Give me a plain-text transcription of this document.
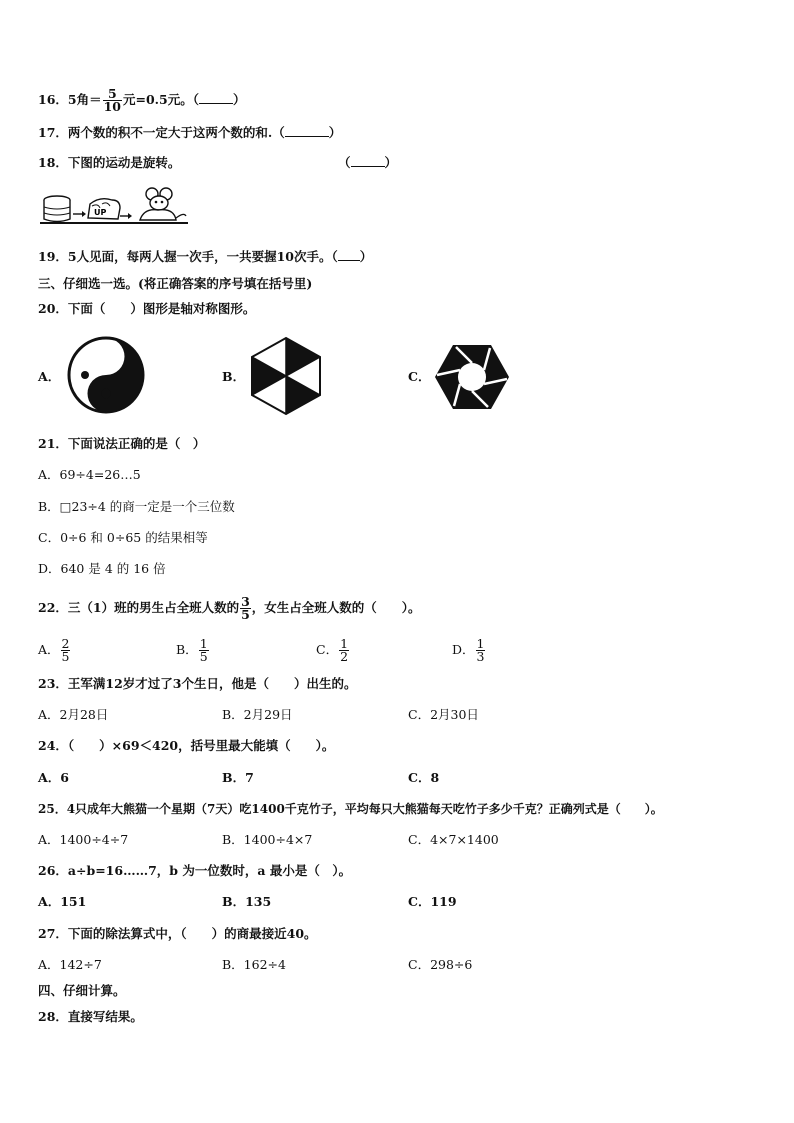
16．5角＝ $\frac{5}{10}$ 元=0.5元。（	）
17．两个数的积不一定大于这两个数的和.（	）
18．下图的运动是旋转。	（	）
UP
19．5人见面，每两人握一次手，一共要握10次手。（ ）
三、仔细选一选。(将正确答案的序号填在括号里)
20．下面（　　）图形是轴对称图形。
A．	B．	C．
21．下面说法正确的是（　）
A．69÷4=26…5
B．□23÷4 的商一定是一个三位数
C．0÷6 和 0÷65 的结果相等
D．640 是 4 的 16 倍
22．三（1）班的男生占全班人数的 $\frac{3}{5}$ ，女生占全班人数的（　　）。
A． $\frac{2}{5}$	B． $\frac{1}{5}$	C． $\frac{1}{2}$	D． $\frac{1}{3}$
23．王军满12岁才过了3个生日，他是（　　）出生的。
A．2月28日	B．2月29日	C．2月30日
24．（　　）×69＜420，括号里最大能填（　　）。
A．6	B．7	C．8
25．4只成年大熊猫一个星期（7天）吃1400千克竹子，平均每只大熊猫每天吃竹子多少千克？正确列式是（　　）。
A．1400÷4÷7	B．1400÷4×7	C．4×7×1400
26．a÷b=16……7，b 为一位数时，a 最小是（　）。
A．151	B．135	C．119
27．下面的除法算式中，（　　）的商最接近40。
A．142÷7	B．162÷4	C．298÷6
四、仔细计算。
28．直接写结果。
